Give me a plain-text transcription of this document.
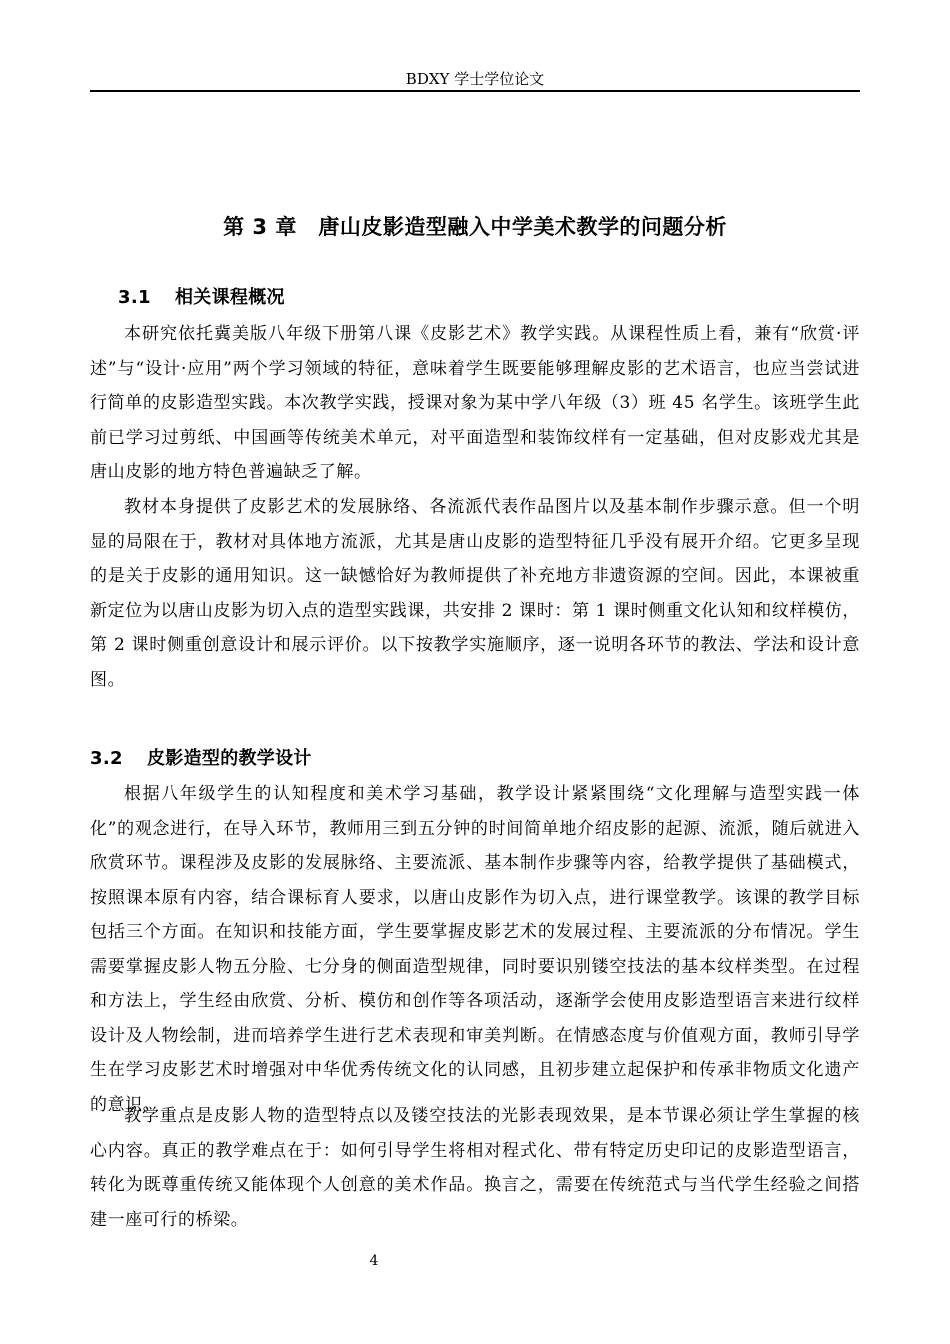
BDXY 学士学位论文
第 3 章　唐山皮影造型融入中学美术教学的问题分析
3.1 相关课程概况

本研究依托冀美版八年级下册第八课《皮影艺术》教学实践。从课程性质上看，兼有“欣赏·评述”与“设计·应用”两个学习领域的特征，意味着学生既要能够理解皮影的艺术语言，也应当尝试进行简单的皮影造型实践。本次教学实践，授课对象为某中学八年级（3）班 45 名学生。该班学生此前已学习过剪纸、中国画等传统美术单元，对平面造型和装饰纹样有一定基础，但对皮影戏尤其是唐山皮影的地方特色普遍缺乏了解。

教材本身提供了皮影艺术的发展脉络、各流派代表作品图片以及基本制作步骤示意。但一个明显的局限在于，教材对具体地方流派，尤其是唐山皮影的造型特征几乎没有展开介绍。它更多呈现的是关于皮影的通用知识。这一缺憾恰好为教师提供了补充地方非遗资源的空间。因此，本课被重新定位为以唐山皮影为切入点的造型实践课，共安排 2 课时：第 1 课时侧重文化认知和纹样模仿，第 2 课时侧重创意设计和展示评价。以下按教学实施顺序，逐一说明各环节的教法、学法和设计意图。

3.2 皮影造型的教学设计

根据八年级学生的认知程度和美术学习基础，教学设计紧紧围绕“文化理解与造型实践一体化”的观念进行，在导入环节，教师用三到五分钟的时间简单地介绍皮影的起源、流派，随后就进入欣赏环节。课程涉及皮影的发展脉络、主要流派、基本制作步骤等内容，给教学提供了基础模式，按照课本原有内容，结合课标育人要求，以唐山皮影作为切入点，进行课堂教学。该课的教学目标包括三个方面。在知识和技能方面，学生要掌握皮影艺术的发展过程、主要流派的分布情况。学生需要掌握皮影人物五分脸、七分身的侧面造型规律，同时要识别镂空技法的基本纹样类型。在过程和方法上，学生经由欣赏、分析、模仿和创作等各项活动，逐渐学会使用皮影造型语言来进行纹样设计及人物绘制，进而培养学生进行艺术表现和审美判断。在情感态度与价值观方面，教师引导学生在学习皮影艺术时增强对中华优秀传统文化的认同感，且初步建立起保护和传承非物质文化遗产的意识。

教学重点是皮影人物的造型特点以及镂空技法的光影表现效果，是本节课必须让学生掌握的核心内容。真正的教学难点在于：如何引导学生将相对程式化、带有特定历史印记的皮影造型语言，转化为既尊重传统又能体现个人创意的美术作品。换言之，需要在传统范式与当代学生经验之间搭建一座可行的桥梁。

4
